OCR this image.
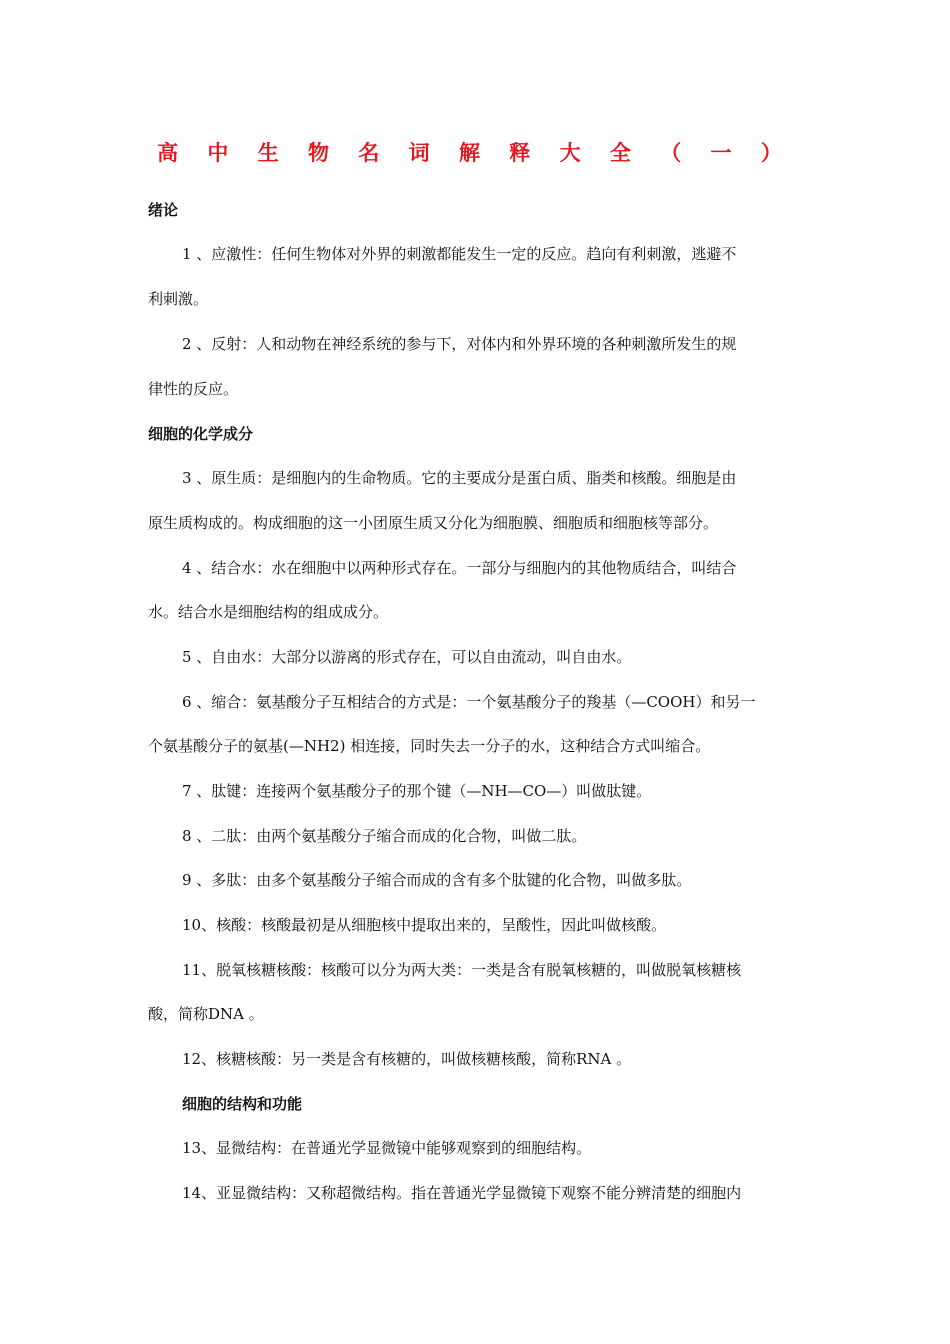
高 中 生 物 名 词 解 释 大 全 （ 一 ）
绪论
1 、应激性：任何生物体对外界的刺激都能发生一定的反应。趋向有利刺激，逃避不
利刺激。
2 、反射：人和动物在神经系统的参与下，对体内和外界环境的各种刺激所发生的规
律性的反应。
细胞的化学成分
3 、原生质：是细胞内的生命物质。它的主要成分是蛋白质、脂类和核酸。细胞是由
原生质构成的。构成细胞的这一小团原生质又分化为细胞膜、细胞质和细胞核等部分。
4 、结合水：水在细胞中以两种形式存在。一部分与细胞内的其他物质结合，叫结合
水。结合水是细胞结构的组成成分。
5 、自由水：大部分以游离的形式存在，可以自由流动，叫自由水。
6 、缩合：氨基酸分子互相结合的方式是：一个氨基酸分子的羧基（—COOH）和另一
个氨基酸分子的氨基(—NH2) 相连接，同时失去一分子的水，这种结合方式叫缩合。
7 、肽键：连接两个氨基酸分子的那个键（—NH—CO—）叫做肽键。
8 、二肽：由两个氨基酸分子缩合而成的化合物，叫做二肽。
9 、多肽：由多个氨基酸分子缩合而成的含有多个肽键的化合物，叫做多肽。
10、核酸：核酸最初是从细胞核中提取出来的，呈酸性，因此叫做核酸。
11、脱氧核糖核酸：核酸可以分为两大类：一类是含有脱氧核糖的，叫做脱氧核糖核
酸，简称DNA 。
12、核糖核酸：另一类是含有核糖的，叫做核糖核酸，简称RNA 。
细胞的结构和功能
13、显微结构：在普通光学显微镜中能够观察到的细胞结构。
14、亚显微结构：又称超微结构。指在普通光学显微镜下观察不能分辨清楚的细胞内
